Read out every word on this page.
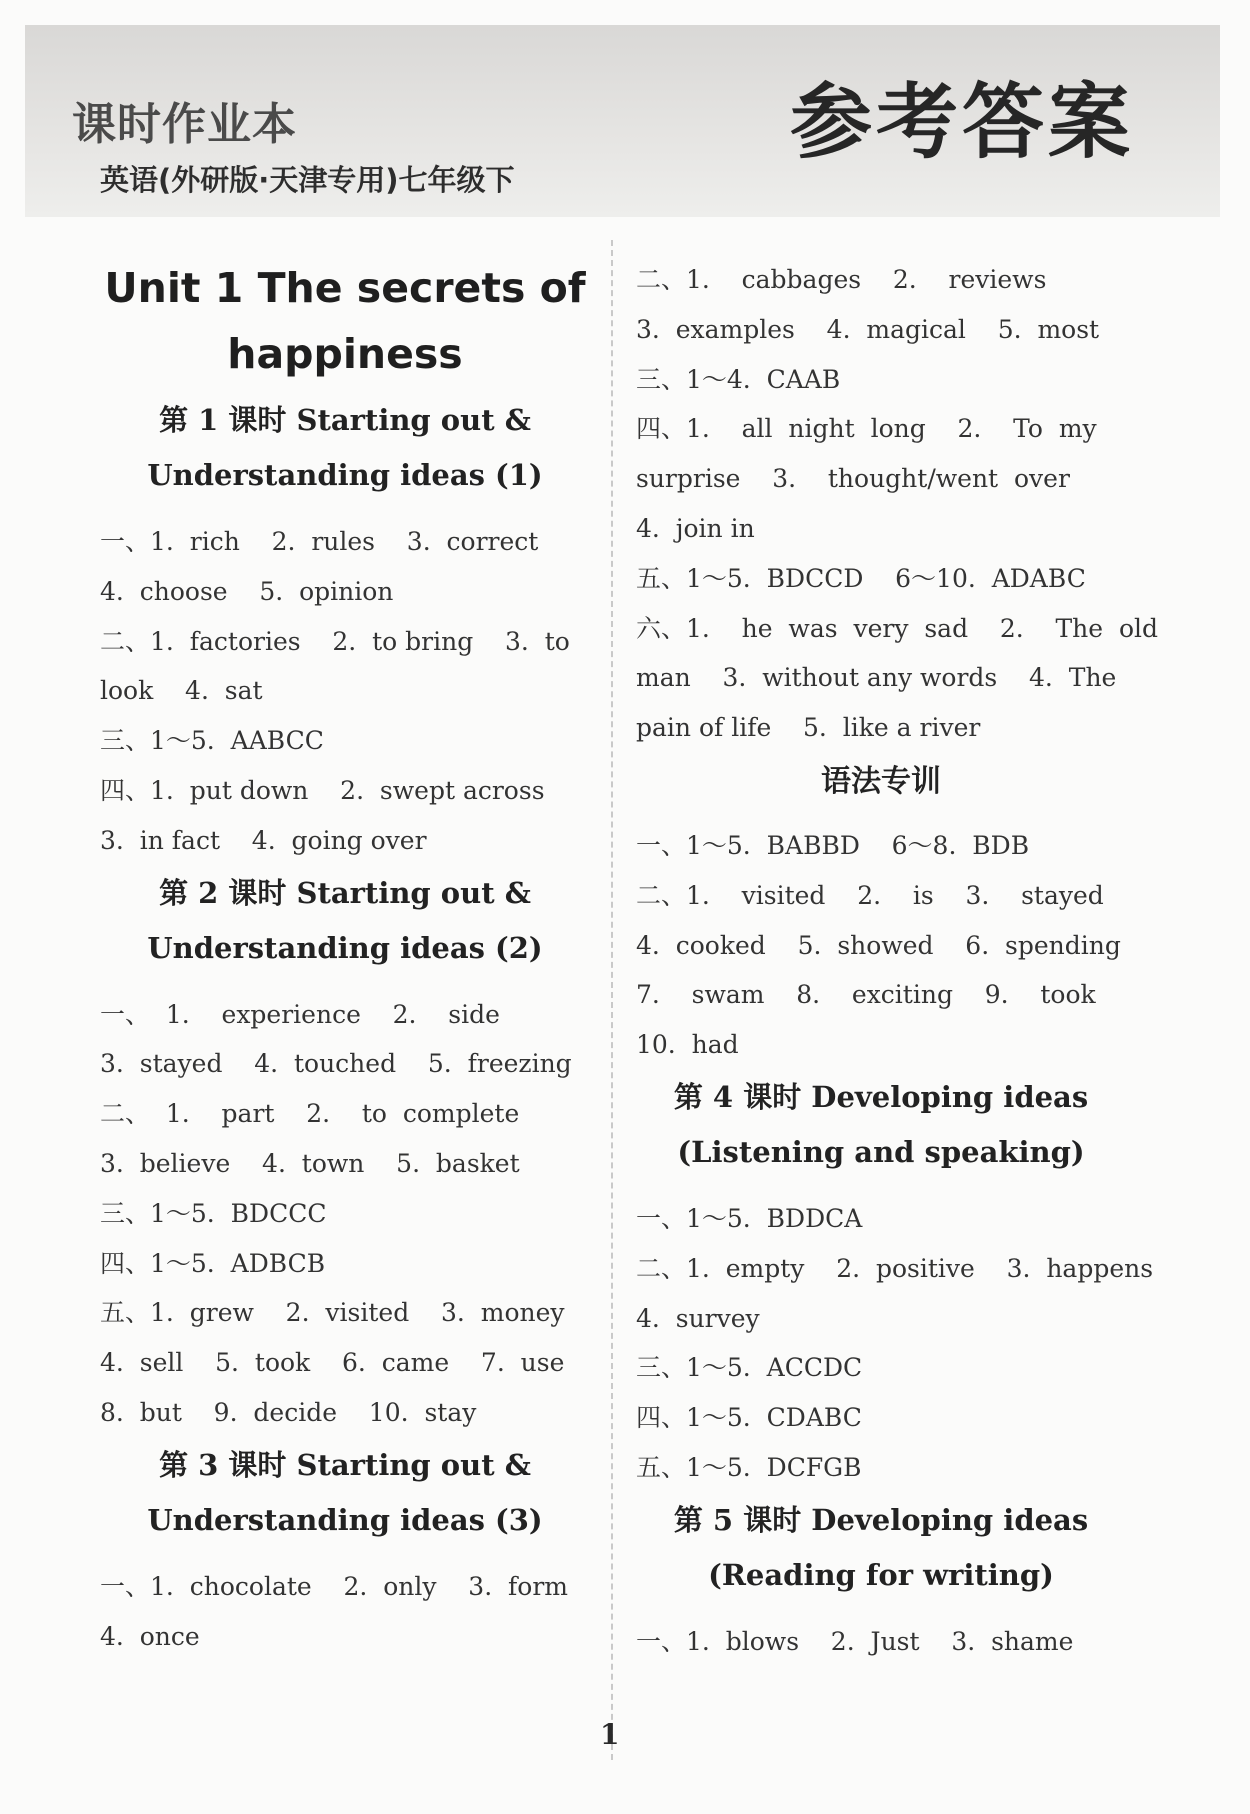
课时作业本
英语(外研版·天津专用)七年级下
参考答案
Unit 1 The secrets of
happiness
第 1 课时 Starting out &
Understanding ideas (1)
一、1.  rich    2.  rules    3.  correct
4.  choose    5.  opinion
二、1.  factories    2.  to bring    3.  to
look    4.  sat
三、1～5.  AABCC
四、1.  put down    2.  swept across
3.  in fact    4.  going over
第 2 课时 Starting out &
Understanding ideas (2)
一、  1.    experience    2.    side
3.  stayed    4.  touched    5.  freezing
二、  1.    part    2.    to  complete
3.  believe    4.  town    5.  basket
三、1～5.  BDCCC
四、1～5.  ADBCB
五、1.  grew    2.  visited    3.  money
4.  sell    5.  took    6.  came    7.  use
8.  but    9.  decide    10.  stay
第 3 课时 Starting out &
Understanding ideas (3)
一、1.  chocolate    2.  only    3.  form
4.  once
二、1.    cabbages    2.    reviews
3.  examples    4.  magical    5.  most
三、1～4.  CAAB
四、1.    all  night  long    2.    To  my
surprise    3.    thought/went  over
4.  join in
五、1～5.  BDCCD    6～10.  ADABC
六、1.    he  was  very  sad    2.    The  old
man    3.  without any words    4.  The
pain of life    5.  like a river
语法专训
一、1～5.  BABBD    6～8.  BDB
二、1.    visited    2.    is    3.    stayed
4.  cooked    5.  showed    6.  spending
7.    swam    8.    exciting    9.    took
10.  had
第 4 课时 Developing ideas
(Listening and speaking)
一、1～5.  BDDCA
二、1.  empty    2.  positive    3.  happens
4.  survey
三、1～5.  ACCDC
四、1～5.  CDABC
五、1～5.  DCFGB
第 5 课时 Developing ideas
(Reading for writing)
一、1.  blows    2.  Just    3.  shame
1
